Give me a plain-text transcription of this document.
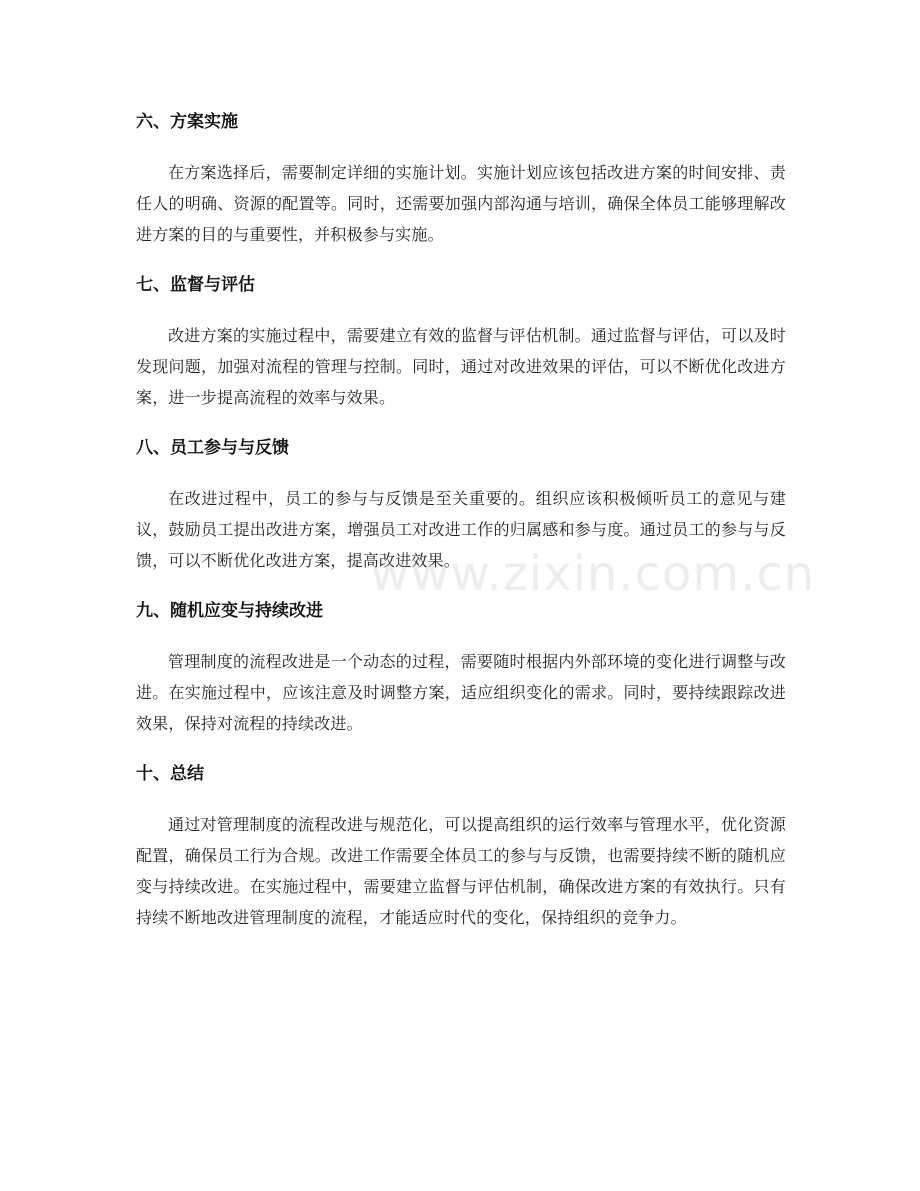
六、方案实施

在方案选择后，需要制定详细的实施计划。实施计划应该包括改进方案的时间安排、责任人的明确、资源的配置等。同时，还需要加强内部沟通与培训，确保全体员工能够理解改进方案的目的与重要性，并积极参与实施。

七、监督与评估

改进方案的实施过程中，需要建立有效的监督与评估机制。通过监督与评估，可以及时发现问题，加强对流程的管理与控制。同时，通过对改进效果的评估，可以不断优化改进方案，进一步提高流程的效率与效果。

八、员工参与与反馈

在改进过程中，员工的参与与反馈是至关重要的。组织应该积极倾听员工的意见与建议，鼓励员工提出改进方案，增强员工对改进工作的归属感和参与度。通过员工的参与与反馈，可以不断优化改进方案，提高改进效果。

九、随机应变与持续改进

管理制度的流程改进是一个动态的过程，需要随时根据内外部环境的变化进行调整与改进。在实施过程中，应该注意及时调整方案，适应组织变化的需求。同时，要持续跟踪改进效果，保持对流程的持续改进。

十、总结

通过对管理制度的流程改进与规范化，可以提高组织的运行效率与管理水平，优化资源配置，确保员工行为合规。改进工作需要全体员工的参与与反馈，也需要持续不断的随机应变与持续改进。在实施过程中，需要建立监督与评估机制，确保改进方案的有效执行。只有持续不断地改进管理制度的流程，才能适应时代的变化，保持组织的竞争力。

www.zixin.com.cn
